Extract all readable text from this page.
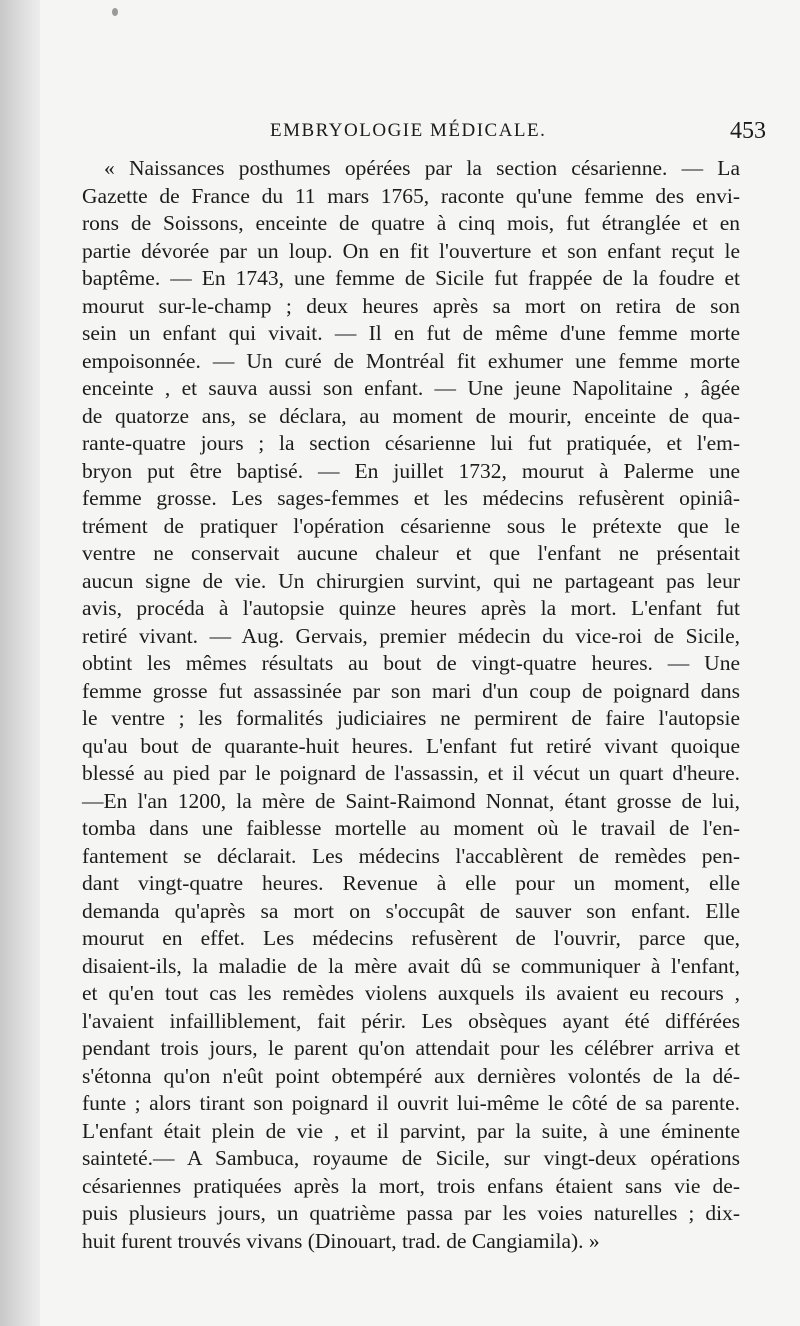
EMBRYOLOGIE MÉDICALE.	453
« Naissances posthumes opérées par la section césarienne. — La
Gazette de France du 11 mars 1765, raconte qu'une femme des envi-
rons de Soissons, enceinte de quatre à cinq mois, fut étranglée et en
partie dévorée par un loup. On en fit l'ouverture et son enfant reçut le
baptême. — En 1743, une femme de Sicile fut frappée de la foudre et
mourut sur-le-champ ; deux heures après sa mort on retira de son
sein un enfant qui vivait. — Il en fut de même d'une femme morte
empoisonnée. — Un curé de Montréal fit exhumer une femme morte
enceinte , et sauva aussi son enfant. — Une jeune Napolitaine , âgée
de quatorze ans, se déclara, au moment de mourir, enceinte de qua-
rante-quatre jours ; la section césarienne lui fut pratiquée, et l'em-
bryon put être baptisé. — En juillet 1732, mourut à Palerme une
femme grosse. Les sages-femmes et les médecins refusèrent opiniâ-
trément de pratiquer l'opération césarienne sous le prétexte que le
ventre ne conservait aucune chaleur et que l'enfant ne présentait
aucun signe de vie. Un chirurgien survint, qui ne partageant pas leur
avis, procéda à l'autopsie quinze heures après la mort. L'enfant fut
retiré vivant. — Aug. Gervais, premier médecin du vice-roi de Sicile,
obtint les mêmes résultats au bout de vingt-quatre heures. — Une
femme grosse fut assassinée par son mari d'un coup de poignard dans
le ventre ; les formalités judiciaires ne permirent de faire l'autopsie
qu'au bout de quarante-huit heures. L'enfant fut retiré vivant quoique
blessé au pied par le poignard de l'assassin, et il vécut un quart d'heure.
—En l'an 1200, la mère de Saint-Raimond Nonnat, étant grosse de lui,
tomba dans une faiblesse mortelle au moment où le travail de l'en-
fantement se déclarait. Les médecins l'accablèrent de remèdes pen-
dant vingt-quatre heures. Revenue à elle pour un moment, elle
demanda qu'après sa mort on s'occupât de sauver son enfant. Elle
mourut en effet. Les médecins refusèrent de l'ouvrir, parce que,
disaient-ils, la maladie de la mère avait dû se communiquer à l'enfant,
et qu'en tout cas les remèdes violens auxquels ils avaient eu recours ,
l'avaient infailliblement, fait périr. Les obsèques ayant été différées
pendant trois jours, le parent qu'on attendait pour les célébrer arriva et
s'étonna qu'on n'eût point obtempéré aux dernières volontés de la dé-
funte ; alors tirant son poignard il ouvrit lui-même le côté de sa parente.
L'enfant était plein de vie , et il parvint, par la suite, à une éminente
sainteté.— A Sambuca, royaume de Sicile, sur vingt-deux opérations
césariennes pratiquées après la mort, trois enfans étaient sans vie de-
puis plusieurs jours, un quatrième passa par les voies naturelles ; dix-
huit furent trouvés vivans (Dinouart, trad. de Cangiamila). »
